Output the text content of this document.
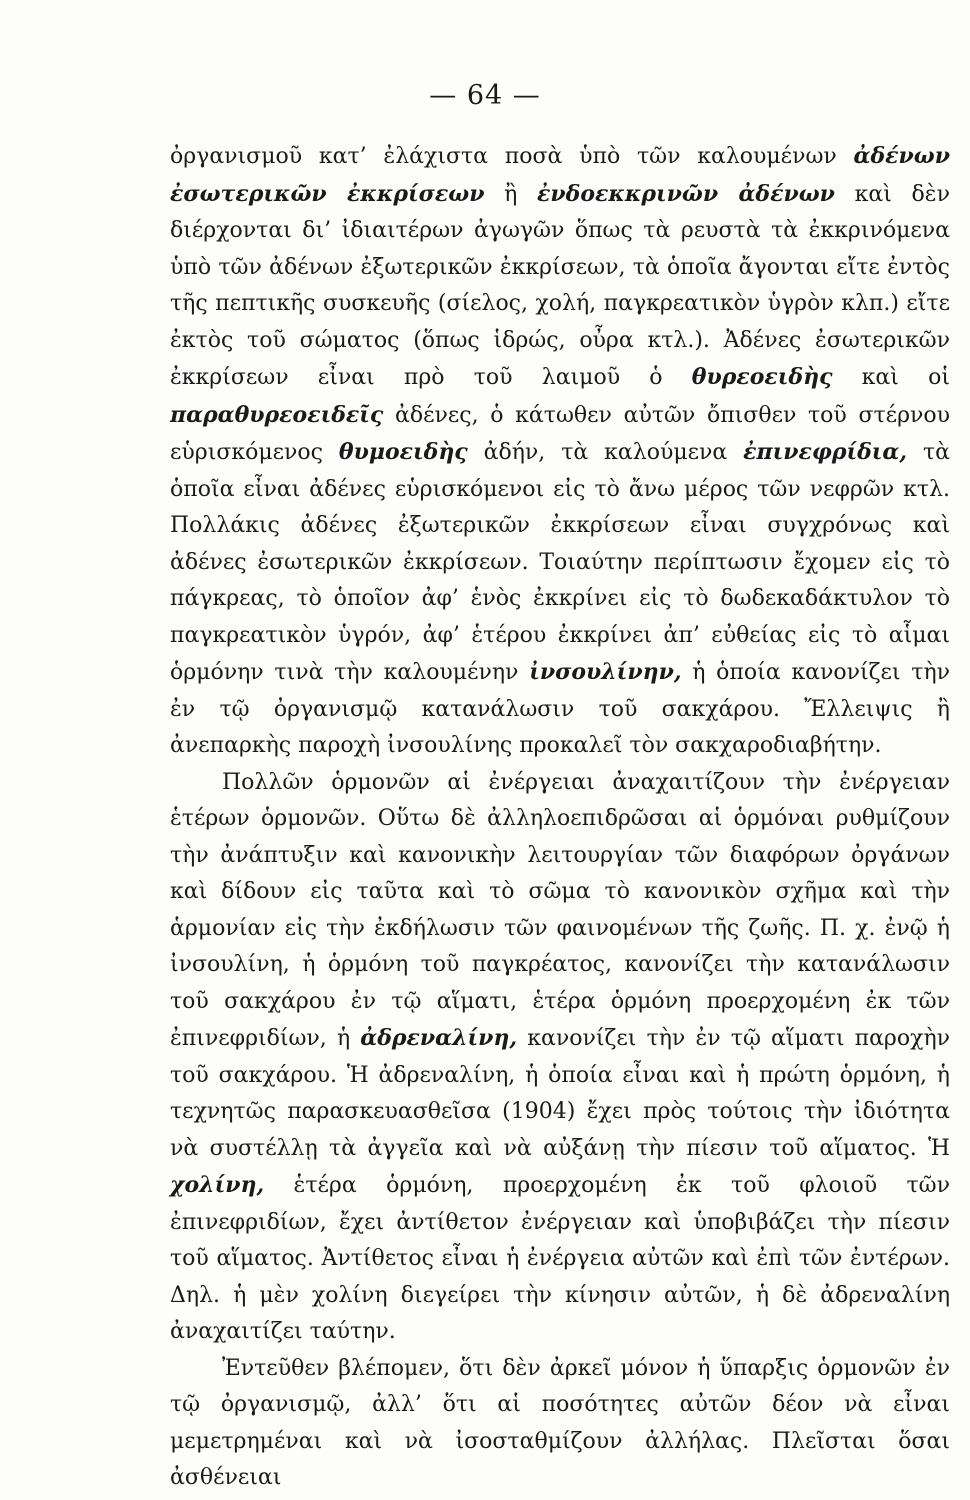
— 64 —

ὀργανισμοῦ κατ’ ἐλάχιστα ποσὰ ὑπὸ τῶν καλουμένων ἀδένων ἐσωτερικῶν ἐκκρίσεων ἢ ἐνδοεκκρινῶν ἀδένων καὶ δὲν διέρχονται δι’ ἰδιαιτέρων ἀγωγῶν ὅπως τὰ ρευστὰ τὰ ἐκκρινόμενα ὑπὸ τῶν ἀδένων ἐξωτερικῶν ἐκκρίσεων, τὰ ὁποῖα ἄγονται εἴτε ἐντὸς τῆς πεπτικῆς συσκευῆς (σίελος, χολή, παγκρεατικὸν ὑγρὸν κλπ.) εἴτε ἐκτὸς τοῦ σώματος (ὅπως ἱδρώς, οὖρα κτλ.). Ἀδένες ἐσωτερικῶν ἐκκρίσεων εἶναι πρὸ τοῦ λαιμοῦ ὁ θυρεοειδὴς καὶ οἱ παραθυρεοειδεῖς ἀδένες, ὁ κάτωθεν αὐτῶν ὄπισθεν τοῦ στέρνου εὑρισκόμενος θυμοειδὴς ἀδήν, τὰ καλούμενα ἐπινεφρίδια, τὰ ὁποῖα εἶναι ἀδένες εὑρισκόμενοι εἰς τὸ ἄνω μέρος τῶν νεφρῶν κτλ. Πολλάκις ἀδένες ἐξωτερικῶν ἐκκρίσεων εἶναι συγχρόνως καὶ ἀδένες ἐσωτερικῶν ἐκκρίσεων. Τοιαύτην περίπτωσιν ἔχομεν εἰς τὸ πάγκρεας, τὸ ὁποῖον ἀφ’ ἑνὸς ἐκκρίνει εἰς τὸ δωδεκαδάκτυλον τὸ παγκρεατικὸν ὑγρόν, ἀφ’ ἑτέρου ἐκκρίνει ἀπ’ εὐθείας εἰς τὸ αἷμαι ὁρμόνην τινὰ τὴν καλουμένην ἰνσουλίνην, ἡ ὁποία κανονίζει τὴν ἐν τῷ ὀργανισμῷ κατανάλωσιν τοῦ σακχάρου. Ἔλλειψις ἢ ἀνεπαρκὴς παροχὴ ἰνσουλίνης προκαλεῖ τὸν σακχαροδιαβήτην.

Πολλῶν ὁρμονῶν αἱ ἐνέργειαι ἀναχαιτίζουν τὴν ἐνέργειαν ἑτέρων ὁρμονῶν. Οὕτω δὲ ἀλληλοεπιδρῶσαι αἱ ὁρμόναι ρυθμίζουν τὴν ἀνάπτυξιν καὶ κανονικὴν λειτουργίαν τῶν διαφόρων ὀργάνων καὶ δίδουν εἰς ταῦτα καὶ τὸ σῶμα τὸ κανονικὸν σχῆμα καὶ τὴν ἁρμονίαν εἰς τὴν ἐκδήλωσιν τῶν φαινομένων τῆς ζωῆς. Π. χ. ἐνῷ ἡ ἰνσουλίνη, ἡ ὁρμόνη τοῦ παγκρέατος, κανονίζει τὴν κατανάλωσιν τοῦ σακχάρου ἐν τῷ αἵματι, ἑτέρα ὁρμόνη προερχομένη ἐκ τῶν ἐπινεφριδίων, ἡ ἀδρεναλίνη, κανονίζει τὴν ἐν τῷ αἵματι παροχὴν τοῦ σακχάρου. Ἡ ἀδρεναλίνη, ἡ ὁποία εἶναι καὶ ἡ πρώτη ὁρμόνη, ἡ τεχνητῶς παρασκευασθεῖσα (1904) ἔχει πρὸς τούτοις τὴν ἰδιότητα νὰ συστέλλῃ τὰ ἀγγεῖα καὶ νὰ αὐξάνῃ τὴν πίεσιν τοῦ αἵματος. Ἡ χολίνη, ἑτέρα ὁρμόνη, προερχομένη ἐκ τοῦ φλοιοῦ τῶν ἐπινεφριδίων, ἔχει ἀντίθετον ἐνέργειαν καὶ ὑποβιβάζει τὴν πίεσιν τοῦ αἵματος. Ἀντίθετος εἶναι ἡ ἐνέργεια αὐτῶν καὶ ἐπὶ τῶν ἐντέρων. Δηλ. ἡ μὲν χολίνη διεγείρει τὴν κίνησιν αὐτῶν, ἡ δὲ ἀδρεναλίνη ἀναχαιτίζει ταύτην.

Ἐντεῦθεν βλέπομεν, ὅτι δὲν ἀρκεῖ μόνον ἡ ὕπαρξις ὁρμονῶν ἐν τῷ ὀργανισμῷ, ἀλλ’ ὅτι αἱ ποσότητες αὐτῶν δέον νὰ εἶναι μεμετρημέναι καὶ νὰ ἰσοσταθμίζουν ἀλλήλας. Πλεῖσται ὅσαι ἀσθένειαι
